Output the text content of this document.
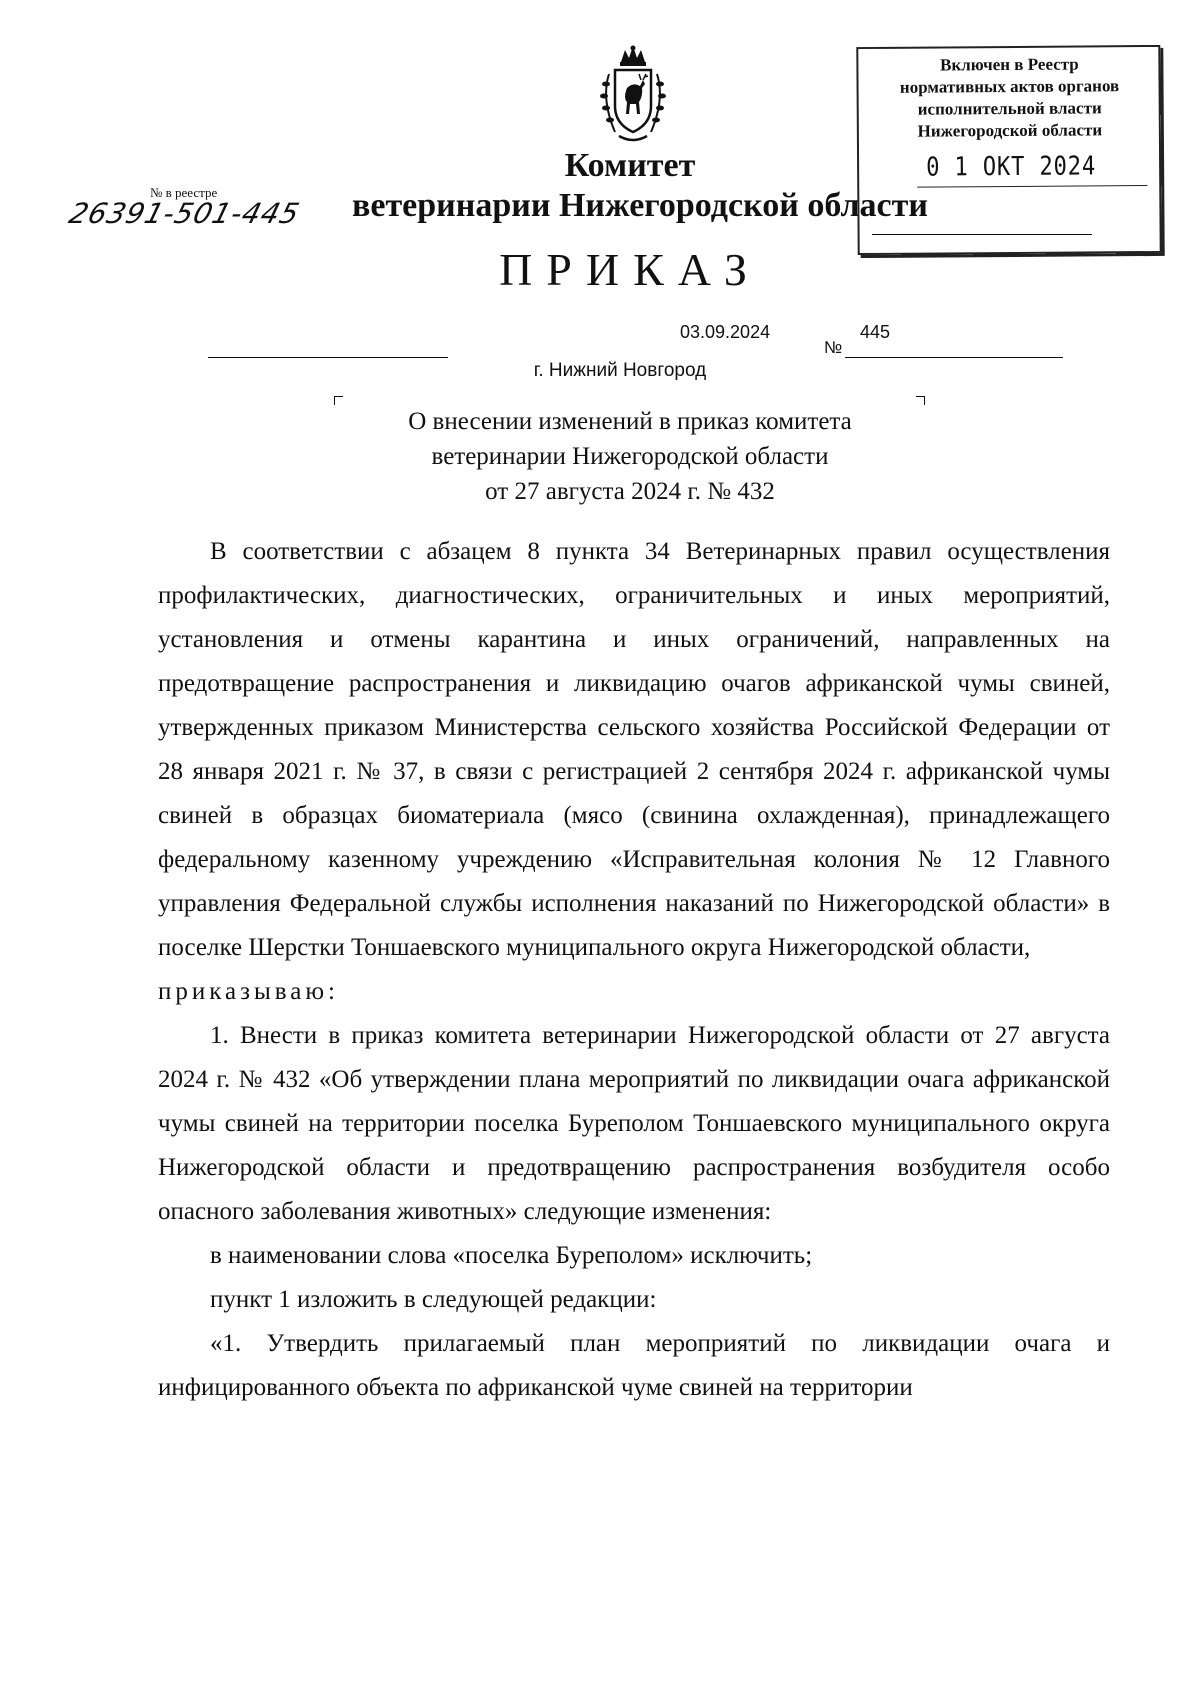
Комитет
ветеринарии Нижегородской области
ПРИКАЗ
Включен в Реестр
нормативных актов органов
исполнительной власти
Нижегородской области
0 1 ОКТ 2024
№ в реестре
26391-501-445
03.09.2024
№
445
г. Нижний Новгород
О внесении изменений в приказ комитета
ветеринарии Нижегородской области
от 27 августа 2024 г. № 432

В соответствии с абзацем 8 пункта 34 Ветеринарных правил осуществления профилактических, диагностических, ограничительных и иных мероприятий, установления и отмены карантина и иных ограничений, направленных на предотвращение распространения и ликвидацию очагов африканской чумы свиней, утвержденных приказом Министерства сельского хозяйства Российской Федерации от 28 января 2021 г. № 37, в связи с регистрацией 2 сентября 2024 г. африканской чумы свиней в образцах биоматериала (мясо (свинина охлажденная), принадлежащего федеральному казенному учреждению «Исправительная колония № 12 Главного управления Федеральной службы исполнения наказаний по Нижегородской области» в поселке Шерстки Тоншаевского муниципального округа Нижегородской области,

приказываю:

1. Внести в приказ комитета ветеринарии Нижегородской области от 27 августа 2024 г. № 432 «Об утверждении плана мероприятий по ликвидации очага африканской чумы свиней на территории поселка Буреполом Тоншаевского муниципального округа Нижегородской области и предотвращению распространения возбудителя особо опасного заболевания животных» следующие изменения:

в наименовании слова «поселка Буреполом» исключить;

пункт 1 изложить в следующей редакции:

«1. Утвердить прилагаемый план мероприятий по ликвидации очага и инфицированного объекта по африканской чуме свиней на территории
